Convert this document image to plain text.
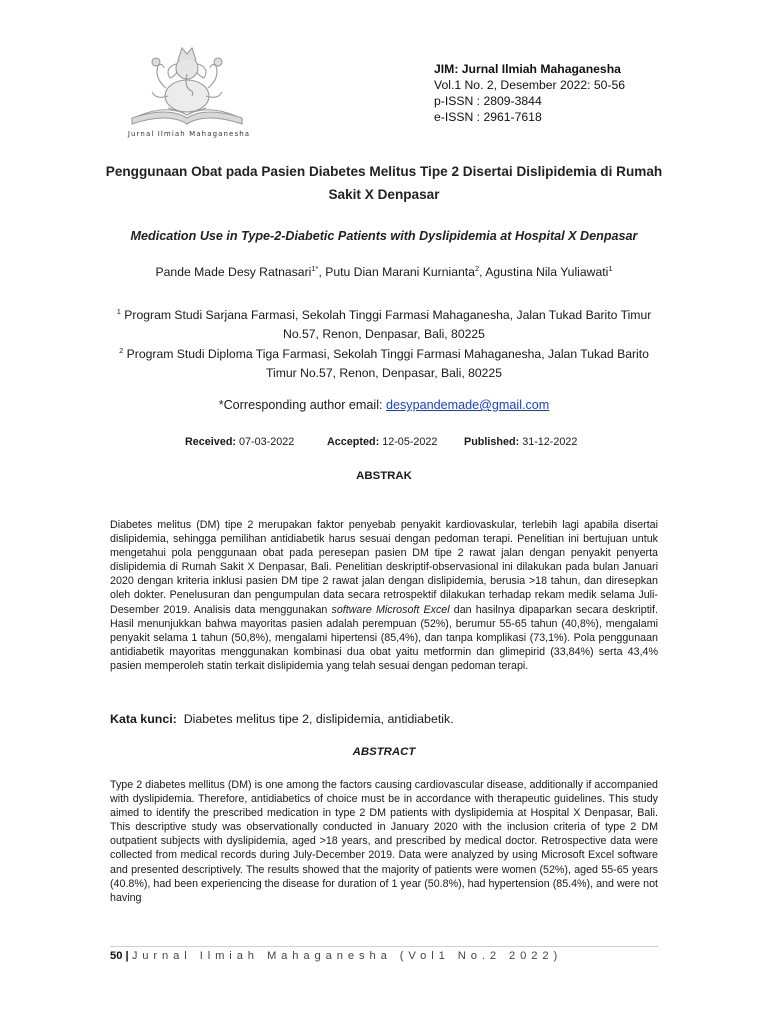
Jurnal Ilmiah Mahaganesha
JIM: Jurnal Ilmiah Mahaganesha
Vol.1 No. 2, Desember 2022: 50-56
p-ISSN : 2809-3844
e-ISSN : 2961-7618
Penggunaan Obat pada Pasien Diabetes Melitus Tipe 2 Disertai Dislipidemia di Rumah Sakit X Denpasar
Medication Use in Type-2-Diabetic Patients with Dyslipidemia at Hospital X Denpasar
Pande Made Desy Ratnasari$^{1*}$, Putu Dian Marani Kurnianta$^2$, Agustina Nila Yuliawati$^1$
$^1$ Program Studi Sarjana Farmasi, Sekolah Tinggi Farmasi Mahaganesha, Jalan Tukad Barito Timur No.57, Renon, Denpasar, Bali, 80225
$^2$ Program Studi Diploma Tiga Farmasi, Sekolah Tinggi Farmasi Mahaganesha, Jalan Tukad Barito Timur No.57, Renon, Denpasar, Bali, 80225
*Corresponding author email: desypandemade@gmail.com
Received: 07-03-2022	Accepted: 12-05-2022 Published: 31-12-2022
ABSTRAK
Diabetes melitus (DM) tipe 2 merupakan faktor penyebab penyakit kardiovaskular, terlebih lagi apabila disertai dislipidemia, sehingga pemilihan antidiabetik harus sesuai dengan pedoman terapi. Penelitian ini bertujuan untuk mengetahui pola penggunaan obat pada peresepan pasien DM tipe 2 rawat jalan dengan penyakit penyerta dislipidemia di Rumah Sakit X Denpasar, Bali. Penelitian deskriptif-observasional ini dilakukan pada bulan Januari 2020 dengan kriteria inklusi pasien DM tipe 2 rawat jalan dengan dislipidemia, berusia >18 tahun, dan diresepkan oleh dokter. Penelusuran dan pengumpulan data secara retrospektif dilakukan terhadap rekam medik selama Juli-Desember 2019. Analisis data menggunakan software Microsoft Excel dan hasilnya dipaparkan secara deskriptif. Hasil menunjukkan bahwa mayoritas pasien adalah perempuan (52%), berumur 55-65 tahun (40,8%), mengalami penyakit selama 1 tahun (50,8%), mengalami hipertensi (85,4%), dan tanpa komplikasi (73,1%). Pola penggunaan antidiabetik mayoritas menggunakan kombinasi dua obat yaitu metformin dan glimepirid (33,84%) serta 43,4% pasien memperoleh statin terkait dislipidemia yang telah sesuai dengan pedoman terapi.
Kata kunci: Diabetes melitus tipe 2, dislipidemia, antidiabetik.
ABSTRACT
Type 2 diabetes mellitus (DM) is one among the factors causing cardiovascular disease, additionally if accompanied with dyslipidemia. Therefore, antidiabetics of choice must be in accordance with therapeutic guidelines. This study aimed to identify the prescribed medication in type 2 DM patients with dyslipidemia at Hospital X Denpasar, Bali. This descriptive study was observationally conducted in January 2020 with the inclusion criteria of type 2 DM outpatient subjects with dyslipidemia, aged >18 years, and prescribed by medical doctor. Retrospective data were collected from medical records during July-December 2019. Data were analyzed by using Microsoft Excel software and presented descriptively. The results showed that the majority of patients were women (52%), aged 55-65 years (40.8%), had been experiencing the disease for duration of 1 year (50.8%), had hypertension (85.4%), and were not having
50 | Jurnal Ilmiah Mahaganesha (Vol1 No.2 2022)
